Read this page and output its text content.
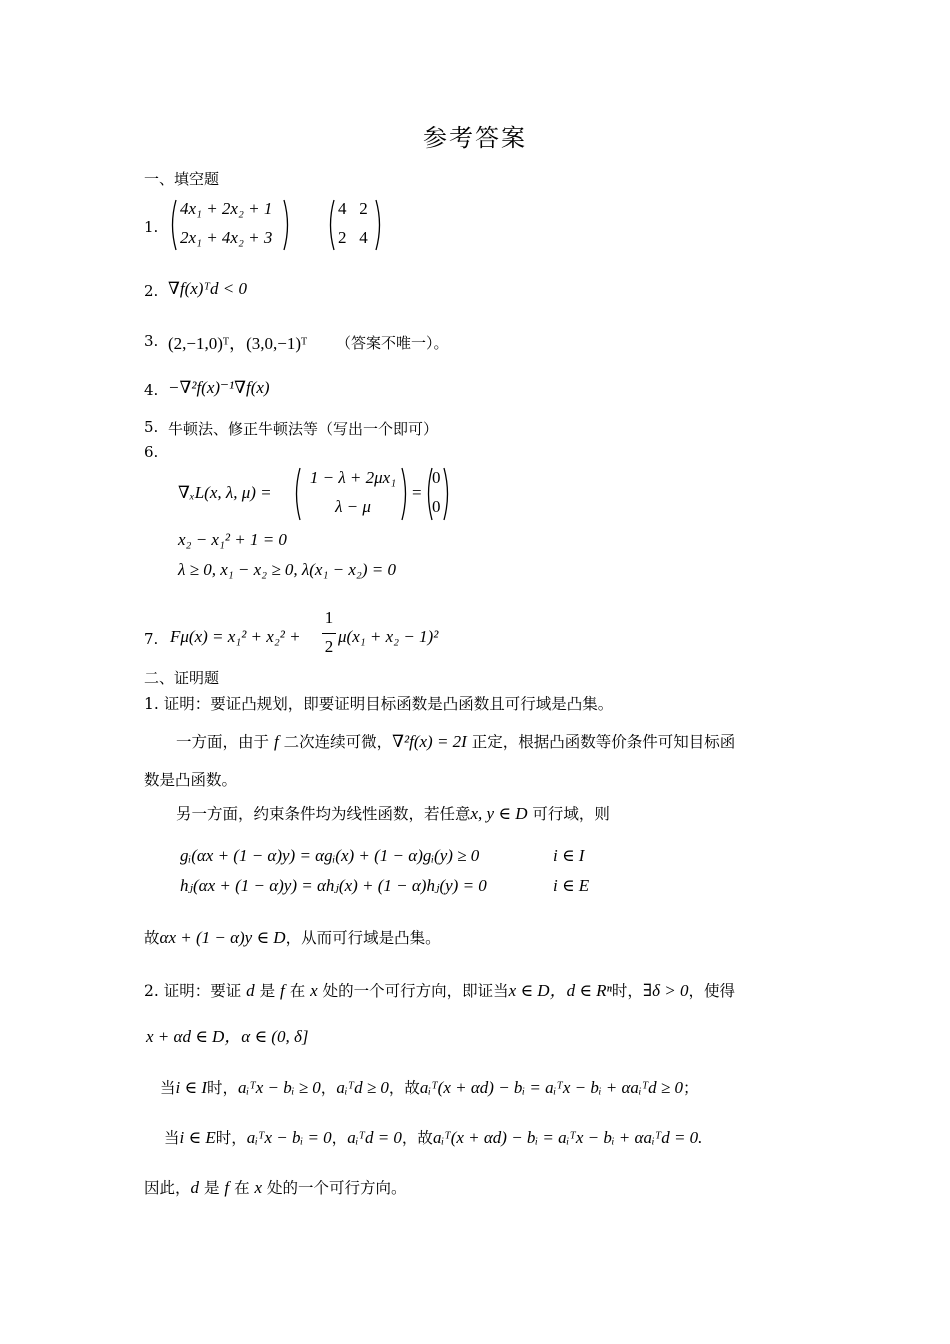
参考答案
一、填空题
1.
4x₁ + 2x₂ + 1
2x₁ + 4x₂ + 3
4   2
2   4
2. ∇f(x)ᵀd < 0
3. (2,−1,0)ᵀ，(3,0,−1)ᵀ （答案不唯一）。
4. −∇²f(x)⁻¹∇f(x)
5. 牛顿法、修正牛顿法等（写出一个即可）
6.
∇ₓL(x, λ, μ) =
1 − λ + 2μx₁
λ − μ
=
0
0
x₂ − x₁² + 1 = 0
λ ≥ 0, x₁ − x₂ ≥ 0, λ(x₁ − x₂) = 0
7. Fμ(x) = x₁² + x₂² +
1
2
μ(x₁ + x₂ − 1)²
二、证明题
1. 证明：要证凸规划，即要证明目标函数是凸函数且可行域是凸集。
一方面，由于 f 二次连续可微，∇²f(x) = 2I 正定，根据凸函数等价条件可知目标函
数是凸函数。
另一方面，约束条件均为线性函数，若任意x, y ∈ D 可行域，则
gᵢ(αx + (1 − α)y) = αgᵢ(x) + (1 − α)gᵢ(y) ≥ 0	i ∈ I
hⱼ(αx + (1 − α)y) = αhⱼ(x) + (1 − α)hⱼ(y) = 0	i ∈ E
故αx + (1 − α)y ∈ D，从而可行域是凸集。
2. 证明：要证 d 是 f 在 x 处的一个可行方向，即证当x ∈ D，d ∈ Rⁿ时，∃δ > 0，使得
x + αd ∈ D，α ∈ (0, δ]
当i ∈ I时，aᵢᵀx − bᵢ ≥ 0，aᵢᵀd ≥ 0，故aᵢᵀ(x + αd) − bᵢ = aᵢᵀx − bᵢ + αaᵢᵀd ≥ 0；
当i ∈ E时，aᵢᵀx − bᵢ = 0，aᵢᵀd = 0，故aᵢᵀ(x + αd) − bᵢ = aᵢᵀx − bᵢ + αaᵢᵀd = 0.
因此，d 是 f 在 x 处的一个可行方向。
